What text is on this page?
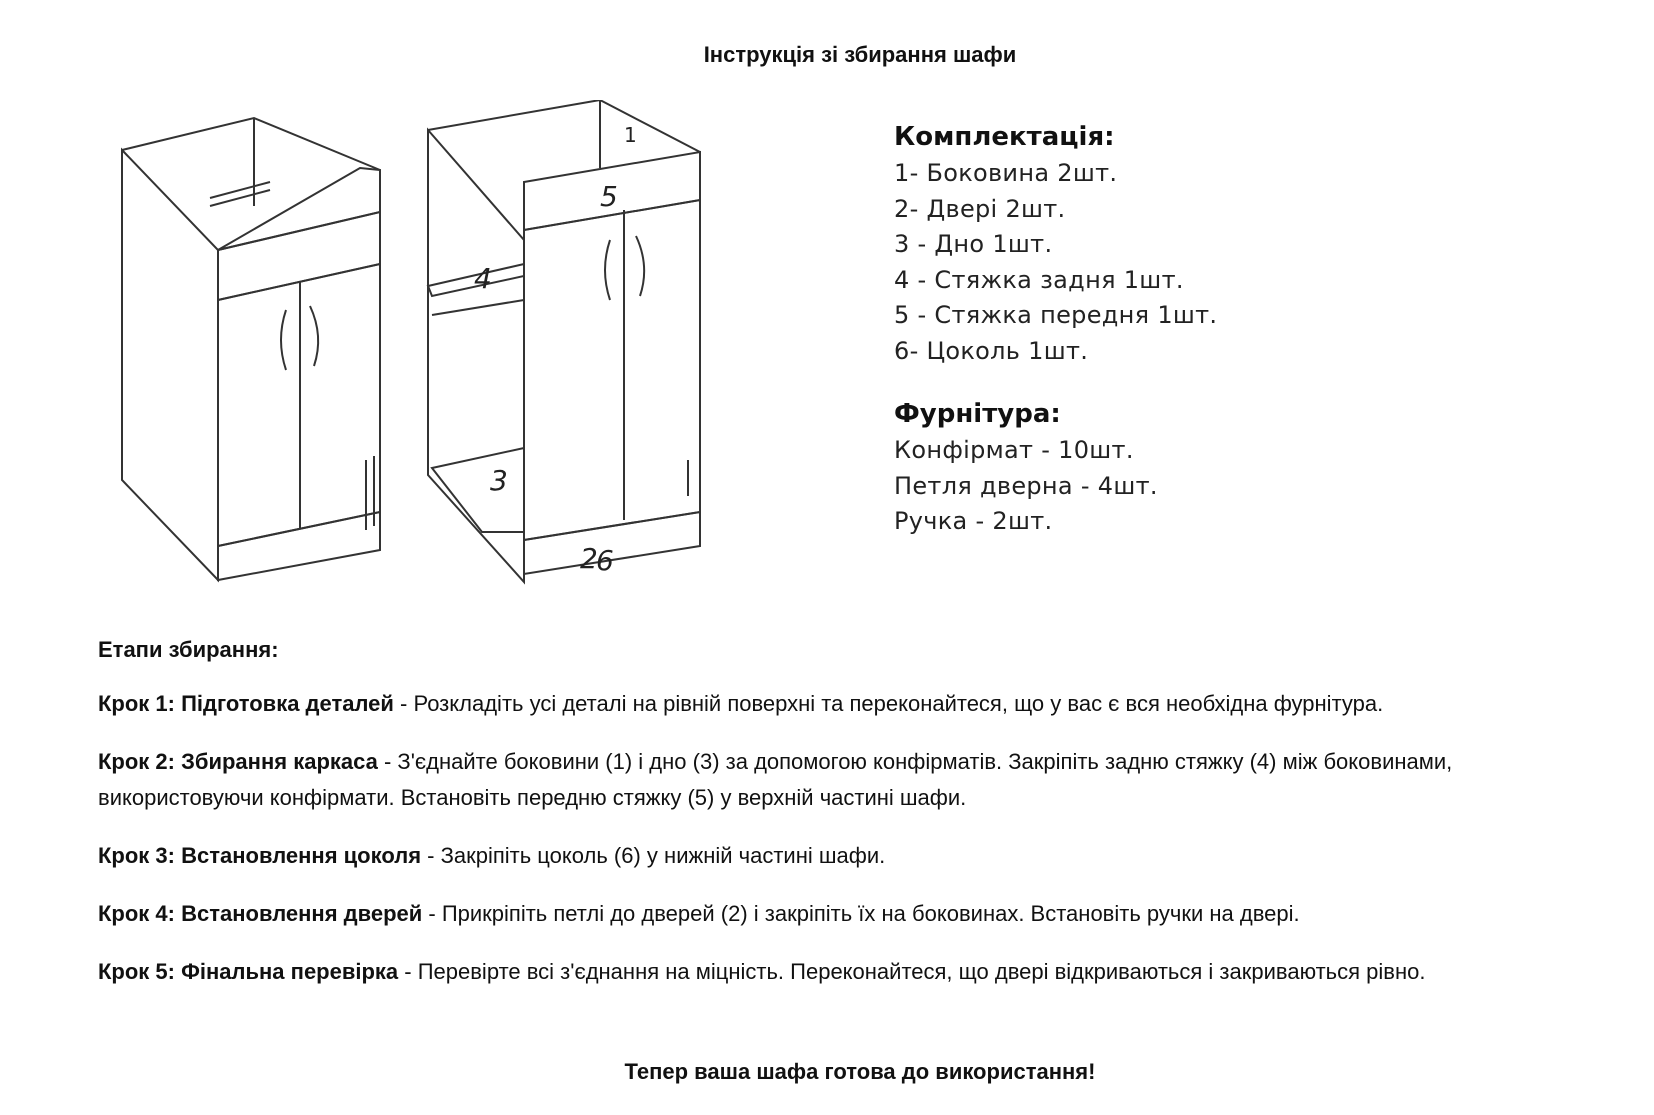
Інструкція зі збирання шафи
1
2
3
4
5
6
Комплектація:
1- Боковина 2шт.
2- Двері 2шт.
3 - Дно 1шт.
4 - Стяжка задня 1шт.
5 - Стяжка передня 1шт.
6- Цоколь 1шт.
Фурнітура:
Конфірмат - 10шт.
Петля дверна - 4шт.
Ручка - 2шт.
Етапи збирання:
Крок 1: Підготовка деталей - Розкладіть усі деталі на рівній поверхні та переконайтеся, що у вас є вся необхідна фурнітура.
Крок 2: Збирання каркаса - З'єднайте боковини (1) і дно (3) за допомогою конфірматів. Закріпіть задню стяжку (4) між боковинами, використовуючи конфірмати. Встановіть передню стяжку (5) у верхній частині шафи.
Крок 3: Встановлення цоколя - Закріпіть цоколь (6) у нижній частині шафи.
Крок 4: Встановлення дверей - Прикріпіть петлі до дверей (2) і закріпіть їх на боковинах. Встановіть ручки на двері.
Крок 5: Фінальна перевірка - Перевірте всі з'єднання на міцність. Переконайтеся, що двері відкриваються і закриваються рівно.
Тепер ваша шафа готова до використання!
